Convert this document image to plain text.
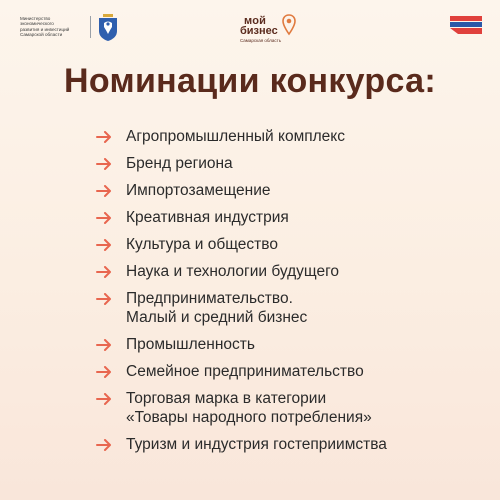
Министерство
экономического
развития и инвестиций
Самарской области
мой
бизнес
Самарская область
Номинации конкурса:
Агропромышленный комплекс
Бренд региона
Импортозамещение
Креативная индустрия
Культура и общество
Наука и технологии будущего
Предпринимательство.
Малый и средний бизнес
Промышленность
Семейное предпринимательство
Торговая марка в категории
«Товары народного потребления»
Туризм и индустрия гостеприимства
